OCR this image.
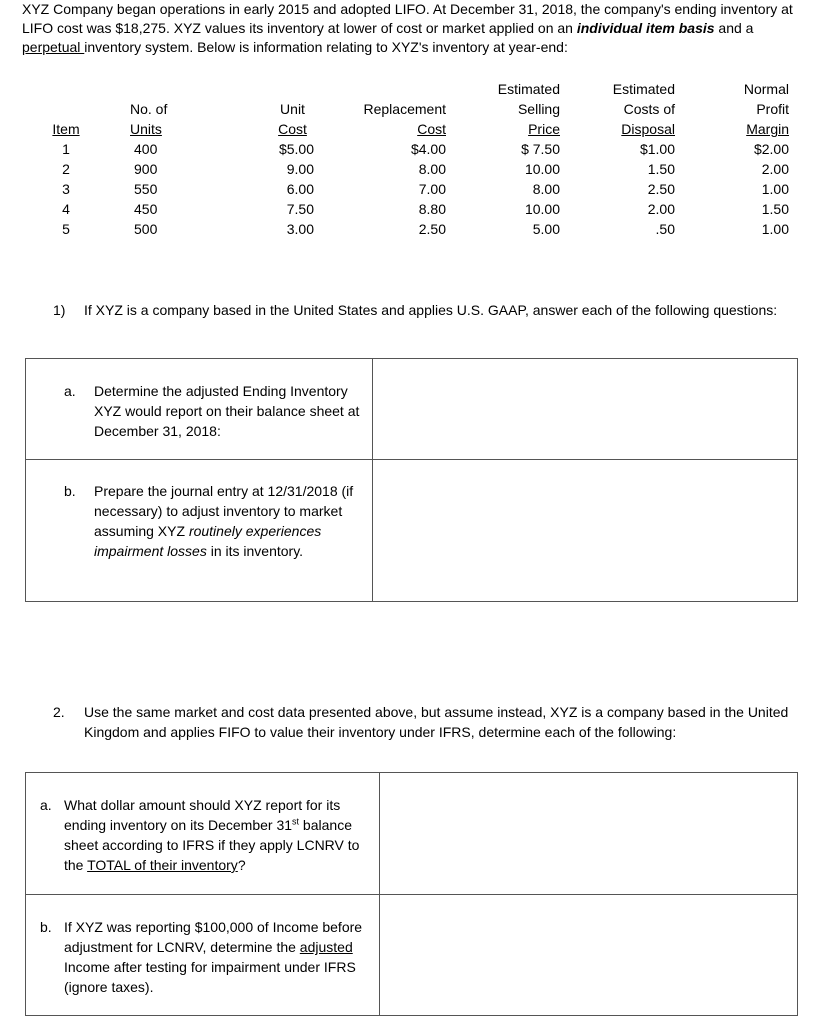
XYZ Company began operations in early 2015 and adopted LIFO. At December 31, 2018, the company's ending inventory at LIFO cost was $18,275. XYZ values its inventory at lower of cost or market applied on an individual item basis and a perpetual inventory system. Below is information relating to XYZ's inventory at year-end:
Item
1
2
3
4
5
No. of
Units
400
900
550
450
500
Unit
Cost
$5.00
9.00
6.00
7.50
3.00
Replacement
Cost
$4.00
8.00
7.00
8.80
2.50
Estimated
Selling
Price
$ 7.50
10.00
8.00
10.00
5.00
Estimated
Costs of
Disposal
$1.00
1.50
2.50
2.00
.50
Normal
Profit
Margin
$2.00
2.00
1.00
1.50
1.00
1) If XYZ is a company based in the United States and applies U.S. GAAP, answer each of the following questions:
a. Determine the adjusted Ending Inventory XYZ would report on their balance sheet at December 31, 2018:
b. Prepare the journal entry at 12/31/2018 (if necessary) to adjust inventory to market assuming XYZ routinely experiences impairment losses in its inventory.
2. Use the same market and cost data presented above, but assume instead, XYZ is a company based in the United Kingdom and applies FIFO to value their inventory under IFRS, determine each of the following:
a. What dollar amount should XYZ report for its ending inventory on its December 31st balance sheet according to IFRS if they apply LCNRV to the TOTAL of their inventory?
b. If XYZ was reporting $100,000 of Income before adjustment for LCNRV, determine the adjusted Income after testing for impairment under IFRS (ignore taxes).
